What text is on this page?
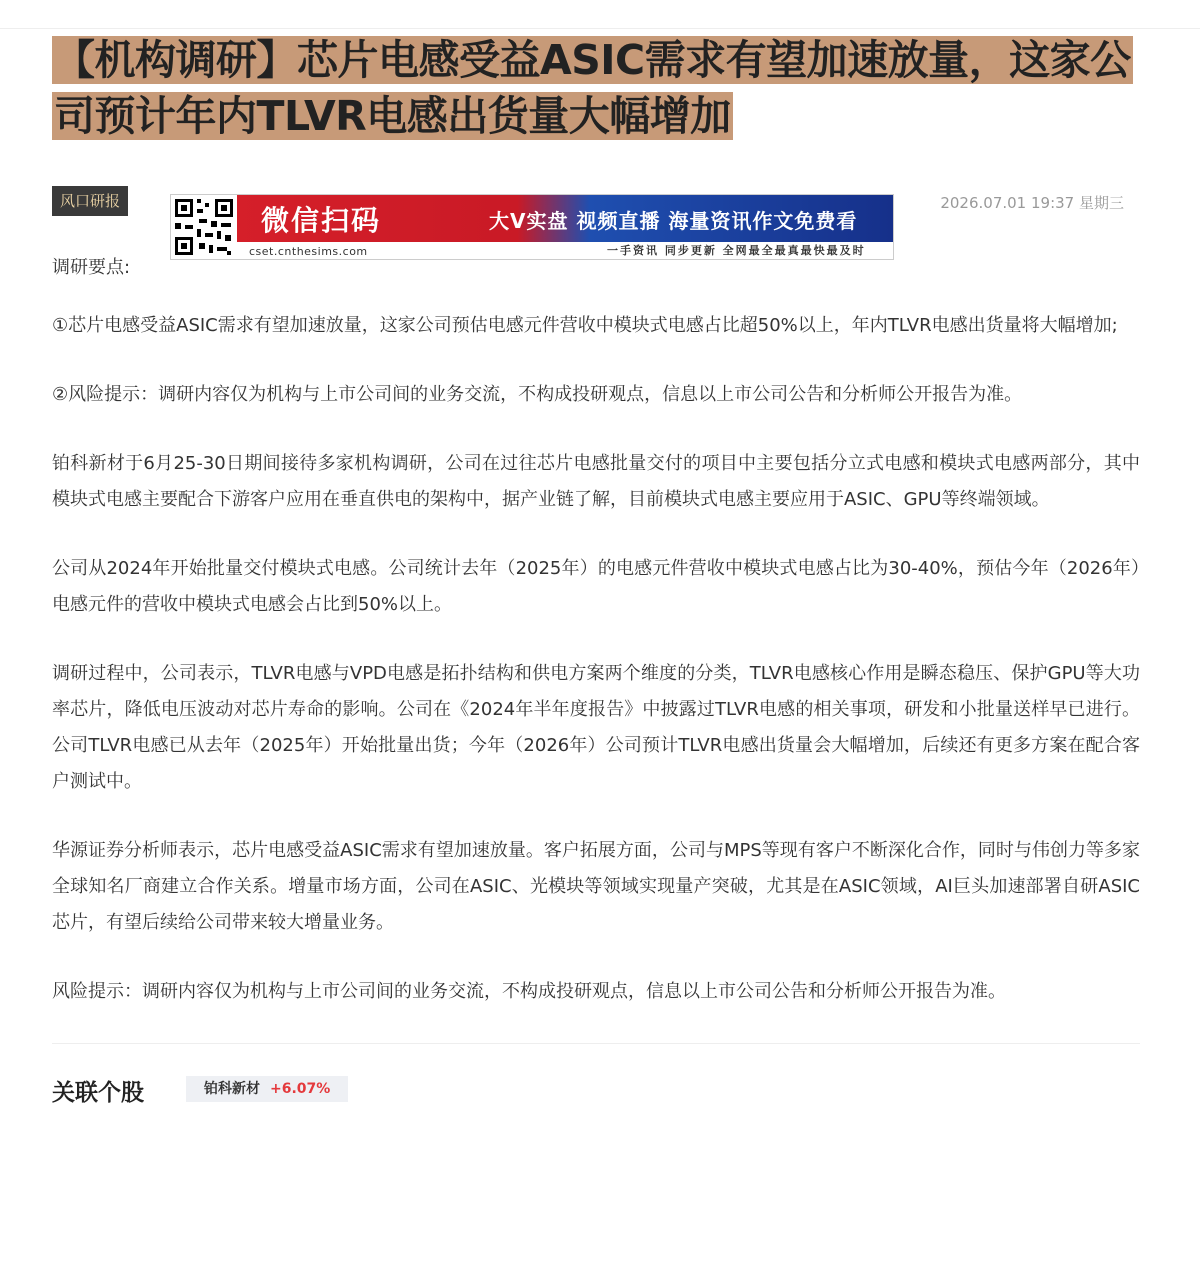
【机构调研】芯片电感受益ASIC需求有望加速放量，这家公司预计年内TLVR电感出货量大幅增加
风口研报
微信扫码	大V实盘 视频直播 海量资讯作文免费看
cset.cnthesims.com	一手资讯 同步更新 全网最全最真最快最及时
2026.07.01 19:37 星期三

调研要点:

①芯片电感受益ASIC需求有望加速放量，这家公司预估电感元件营收中模块式电感占比超50%以上，年内TLVR电感出货量将大幅增加;

②风险提示：调研内容仅为机构与上市公司间的业务交流，不构成投研观点，信息以上市公司公告和分析师公开报告为准。

铂科新材于6月25-30日期间接待多家机构调研，公司在过往芯片电感批量交付的项目中主要包括分立式电感和模块式电感两部分，其中模块式电感主要配合下游客户应用在垂直供电的架构中，据产业链了解，目前模块式电感主要应用于ASIC、GPU等终端领域。

公司从2024年开始批量交付模块式电感。公司统计去年（2025年）的电感元件营收中模块式电感占比为30-40%，预估今年（2026年）电感元件的营收中模块式电感会占比到50%以上。

调研过程中，公司表示，TLVR电感与VPD电感是拓扑结构和供电方案两个维度的分类，TLVR电感核心作用是瞬态稳压、保护GPU等大功率芯片，降低电压波动对芯片寿命的影响。公司在《2024年半年度报告》中披露过TLVR电感的相关事项，研发和小批量送样早已进行。公司TLVR电感已从去年（2025年）开始批量出货；今年（2026年）公司预计TLVR电感出货量会大幅增加，后续还有更多方案在配合客户测试中。

华源证券分析师表示，芯片电感受益ASIC需求有望加速放量。客户拓展方面，公司与MPS等现有客户不断深化合作，同时与伟创力等多家全球知名厂商建立合作关系。增量市场方面，公司在ASIC、光模块等领域实现量产突破，尤其是在ASIC领域，AI巨头加速部署自研ASIC芯片，有望后续给公司带来较大增量业务。

风险提示：调研内容仅为机构与上市公司间的业务交流，不构成投研观点，信息以上市公司公告和分析师公开报告为准。

关联个股	铂科新材 +6.07%
